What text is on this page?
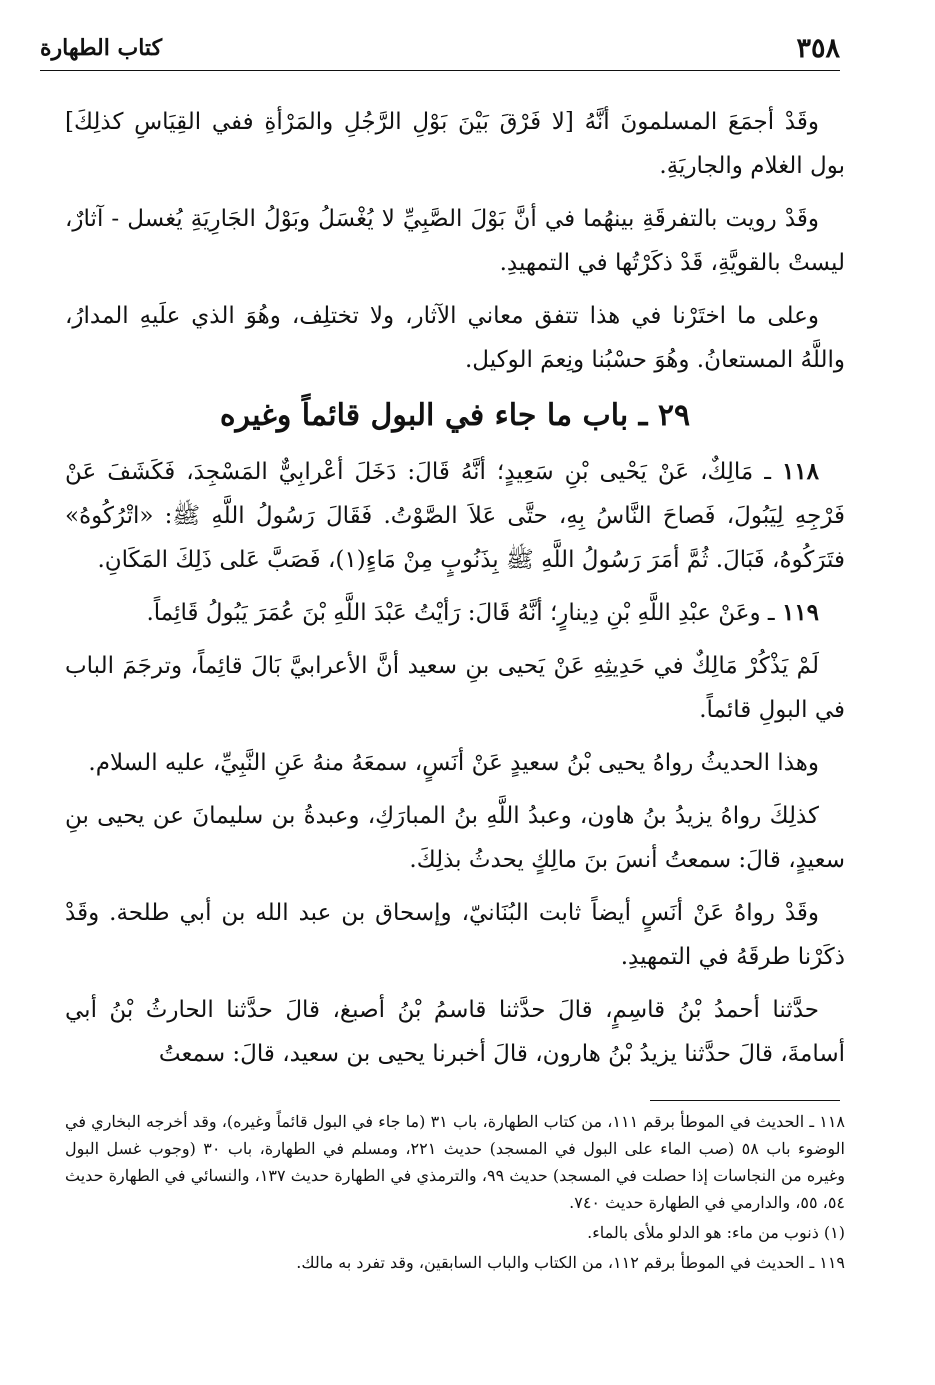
٣٥٨
كتاب الطهارة

وقَدْ أجمَعَ المسلمونَ أنَّهُ [لا فَرْقَ بَيْنَ بَوْلِ الرَّجُلِ والمَرْأةِ ففي القِيَاسِ كذلِكَ] بول الغلام والجاريَةِ.

وقَدْ رويت بالتفرقَةِ بينهُما في أنَّ بَوْلَ الصَّبِيِّ لا يُغْسَلُ وبَوْلُ الجَارِيَةِ يُغسل - آثارٌ، ليستْ بالقويَّةِ، قَدْ ذكَرْتُها في التمهيدِ.

وعلى ما اختَرْنا في هذا تتفق معاني الآثار، ولا تختلِف، وهُوَ الذي علَيهِ المدارُ، واللَّهُ المستعانُ. وهُوَ حسْبُنا ونِعمَ الوكيل.

٢٩ ـ باب ما جاء في البول قائماً وغيره

١١٨ ـ مَالِكٌ، عَنْ يَحْيى بْنِ سَعِيدٍ؛ أنَّهُ قَالَ: دَخَلَ أعْرابِيٌّ المَسْجِدَ، فَكَشَفَ عَنْ فَرْجِهِ لِيَبُولَ، فَصاحَ النَّاسُ بِهِ، حتَّى عَلاَ الصَّوْتُ. فَقَالَ رَسُولُ اللَّهِ ﷺ: «اتْرُكُوهُ» فتَرَكُوهُ، فَبَالَ. ثُمَّ أمَرَ رَسُولُ اللَّهِ ﷺ بِذَنُوبٍ مِنْ مَاءٍ(١)، فَصَبَّ عَلى ذَلِكَ المَكَانِ.

١١٩ ـ وعَنْ عبْدِ اللَّهِ بْنِ دِينارٍ؛ أنَّهُ قَالَ: رَأيْتُ عَبْدَ اللَّهِ بْنَ عُمَرَ يَبُولُ قَائِماً.

لَمْ يَذْكُرْ مَالِكٌ في حَدِيثِهِ عَنْ يَحيى بنِ سعيد أنَّ الأعرابيَّ بَالَ قائِماً، وترجَمَ الباب في البولِ قائماً.

وهذا الحديثُ رواهُ يحيى بْنُ سعيدٍ عَنْ أنَسٍ، سمعَهُ منهُ عَنِ النَّبِيِّ، عليه السلام.

كذلِكَ رواهُ يزيدُ بنُ هاون، وعبدُ اللَّهِ بنُ المبارَكِ، وعبدةُ بن سليمانَ عن يحيى بنِ سعيدٍ، قالَ: سمعتُ أنسَ بنَ مالِكٍ يحدثُ بذلِكَ.

وقَدْ رواهُ عَنْ أنَسٍ أيضاً ثابت البُنَانيّ، وإسحاق بن عبد الله بن أبي طلحة. وقَدْ ذكَرْنا طرقَهُ في التمهيدِ.

حدَّثنا أحمدُ بْنُ قاسِمٍ، قالَ حدَّثنا قاسمُ بْنُ أصبغ، قالَ حدَّثنا الحارثُ بْنُ أبي أسامةَ، قالَ حدَّثنا يزيدُ بْنُ هارون، قالَ أخبرنا يحيى بن سعيد، قالَ: سمعتُ

١١٨ ـ الحديث في الموطأ برقم ١١١، من كتاب الطهارة، باب ٣١ (ما جاء في البول قائماً وغيره)، وقد أخرجه البخاري في الوضوء باب ٥٨ (صب الماء على البول في المسجد) حديث ٢٢١، ومسلم في الطهارة، باب ٣٠ (وجوب غسل البول وغيره من النجاسات إذا حصلت في المسجد) حديث ٩٩، والترمذي في الطهارة حديث ١٣٧، والنسائي في الطهارة حديث ٥٤، ٥٥، والدارمي في الطهارة حديث ٧٤٠.

(١) ذنوب من ماء: هو الدلو ملأى بالماء.

١١٩ ـ الحديث في الموطأ برقم ١١٢، من الكتاب والباب السابقين، وقد تفرد به مالك.
